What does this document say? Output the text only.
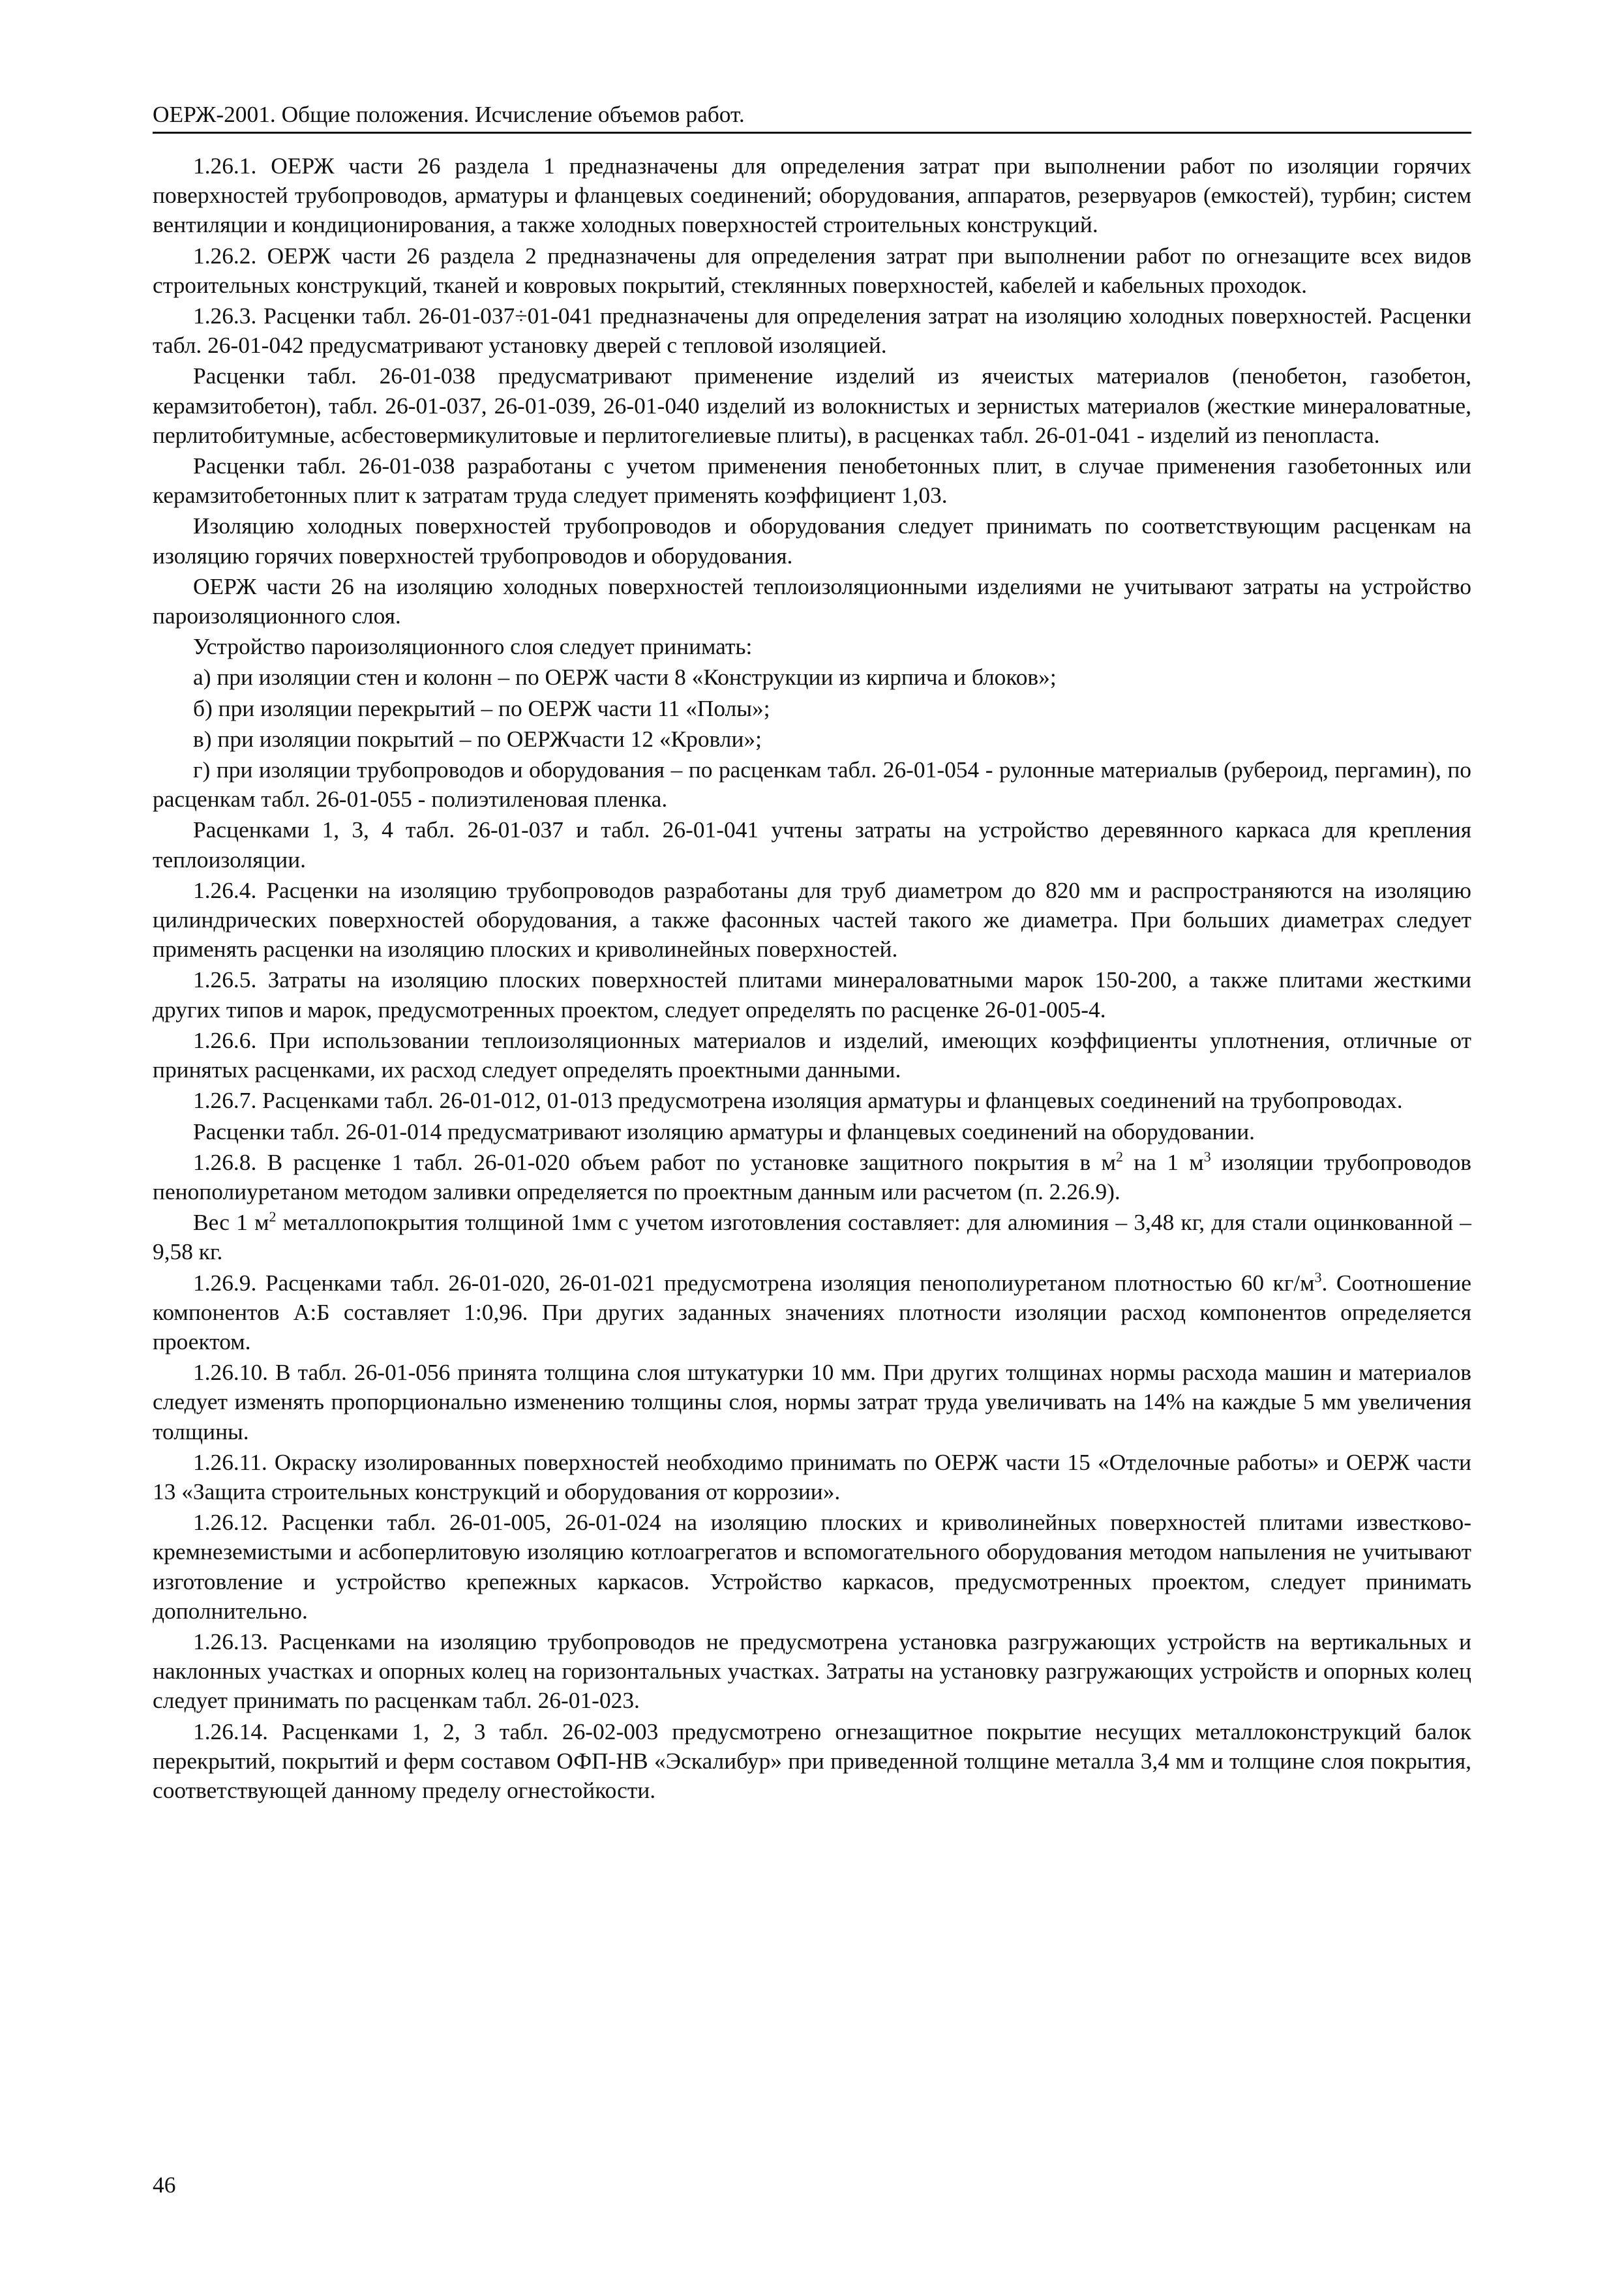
ОЕРЖ-2001. Общие положения. Исчисление объемов работ.

1.26.1. ОЕРЖ части 26 раздела 1 предназначены для определения затрат при выполнении работ по изоляции горячих поверхностей трубопроводов, арматуры и фланцевых соединений; оборудования, аппаратов, резервуаров (емкостей), турбин; систем вентиляции и кондиционирования, а также холодных поверхностей строительных конструкций.

1.26.2. ОЕРЖ части 26 раздела 2 предназначены для определения затрат при выполнении работ по огнезащите всех видов строительных конструкций, тканей и ковровых покрытий, стеклянных поверхностей, кабелей и кабельных проходок.

1.26.3. Расценки табл. 26-01-037÷01-041 предназначены для определения затрат на изоляцию холодных поверхностей. Расценки табл. 26-01-042 предусматривают установку дверей с тепловой изоляцией.

Расценки табл. 26-01-038 предусматривают применение изделий из ячеистых материалов (пенобетон, газобетон, керамзитобетон), табл. 26-01-037, 26-01-039, 26-01-040 изделий из волокнистых и зернистых материалов (жесткие минераловатные, перлитобитумные, асбестовермикулитовые и перлитогелиевые плиты), в расценках табл. 26-01-041 - изделий из пенопласта.

Расценки табл. 26-01-038 разработаны с учетом применения пенобетонных плит, в случае применения газобетонных или керамзитобетонных плит к затратам труда следует применять коэффициент 1,03.

Изоляцию холодных поверхностей трубопроводов и оборудования следует принимать по соответствующим расценкам на изоляцию горячих поверхностей трубопроводов и оборудования.

ОЕРЖ части 26 на изоляцию холодных поверхностей теплоизоляционными изделиями не учитывают затраты на устройство пароизоляционного слоя.

Устройство пароизоляционного слоя следует принимать:

а) при изоляции стен и колонн – по ОЕРЖ части 8 «Конструкции из кирпича и блоков»;

б) при изоляции перекрытий – по ОЕРЖ части 11 «Полы»;

в) при изоляции покрытий – по ОЕРЖчасти 12 «Кровли»;

г) при изоляции трубопроводов и оборудования – по расценкам табл. 26-01-054 - рулонные материалыв (рубероид, пергамин), по расценкам табл. 26-01-055 - полиэтиленовая пленка.

Расценками 1, 3, 4 табл. 26-01-037 и табл. 26-01-041 учтены затраты на устройство деревянного каркаса для крепления теплоизоляции.

1.26.4. Расценки на изоляцию трубопроводов разработаны для труб диаметром до 820 мм и распространяются на изоляцию цилиндрических поверхностей оборудования, а также фасонных частей такого же диаметра. При больших диаметрах следует применять расценки на изоляцию плоских и криволинейных поверхностей.

1.26.5. Затраты на изоляцию плоских поверхностей плитами минераловатными марок 150-200, а также плитами жесткими других типов и марок, предусмотренных проектом, следует определять по расценке 26-01-005-4.

1.26.6. При использовании теплоизоляционных материалов и изделий, имеющих коэффициенты уплотнения, отличные от принятых расценками, их расход следует определять проектными данными.

1.26.7. Расценками табл. 26-01-012, 01-013 предусмотрена изоляция арматуры и фланцевых соединений на трубопроводах.

Расценки табл. 26-01-014 предусматривают изоляцию арматуры и фланцевых соединений на оборудовании.

1.26.8. В расценке 1 табл. 26-01-020 объем работ по установке защитного покрытия в $м^2$ на 1 $м^3$ изоляции трубопроводов пенополиуретаном методом заливки определяется по проектным данным или расчетом (п. 2.26.9).

Вес 1 $м^2$ металлопокрытия толщиной 1мм с учетом изготовления составляет: для алюминия – 3,48 кг, для стали оцинкованной – 9,58 кг.

1.26.9. Расценками табл. 26-01-020, 26-01-021 предусмотрена изоляция пенополиуретаном плотностью 60 $кг/м^3$. Соотношение компонентов А:Б составляет 1:0,96. При других заданных значениях плотности изоляции расход компонентов определяется проектом.

1.26.10. В табл. 26-01-056 принята толщина слоя штукатурки 10 мм. При других толщинах нормы расхода машин и материалов следует изменять пропорционально изменению толщины слоя, нормы затрат труда увеличивать на 14% на каждые 5 мм увеличения толщины.

1.26.11. Окраску изолированных поверхностей необходимо принимать по ОЕРЖ части 15 «Отделочные работы» и ОЕРЖ части 13 «Защита строительных конструкций и оборудования от коррозии».

1.26.12. Расценки табл. 26-01-005, 26-01-024 на изоляцию плоских и криволинейных поверхностей плитами известково-кремнеземистыми и асбоперлитовую изоляцию котлоагрегатов и вспомогательного оборудования методом напыления не учитывают изготовление и устройство крепежных каркасов. Устройство каркасов, предусмотренных проектом, следует принимать дополнительно.

1.26.13. Расценками на изоляцию трубопроводов не предусмотрена установка разгружающих устройств на вертикальных и наклонных участках и опорных колец на горизонтальных участках. Затраты на установку разгружающих устройств и опорных колец следует принимать по расценкам табл. 26-01-023.

1.26.14. Расценками 1, 2, 3 табл. 26-02-003 предусмотрено огнезащитное покрытие несущих металлоконструкций балок перекрытий, покрытий и ферм составом ОФП-НВ «Эскалибур» при приведенной толщине металла 3,4 мм и толщине слоя покрытия, соответствующей данному пределу огнестойкости.

46
